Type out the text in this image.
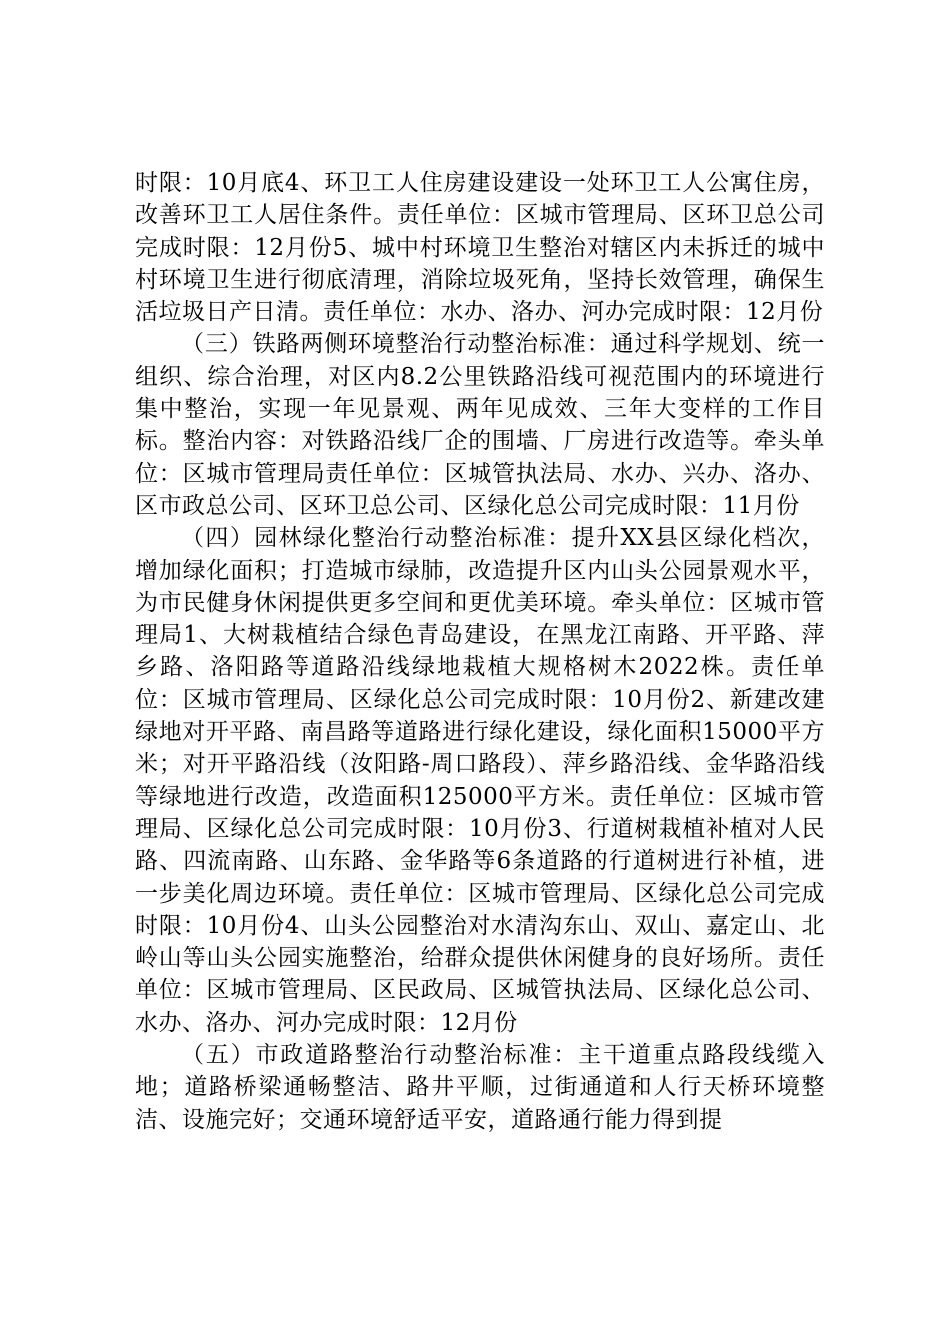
时限：10月底4、环卫工人住房建设建设一处环卫工人公寓住房，改善环卫工人居住条件。责任单位：区城市管理局、区环卫总公司完成时限：12月份5、城中村环境卫生整治对辖区内未拆迁的城中村环境卫生进行彻底清理，消除垃圾死角，坚持长效管理，确保生活垃圾日产日清。责任单位：水办、洛办、河办完成时限：12月份

（三）铁路两侧环境整治行动整治标准：通过科学规划、统一组织、综合治理，对区内8.2公里铁路沿线可视范围内的环境进行集中整治，实现一年见景观、两年见成效、三年大变样的工作目标。整治内容：对铁路沿线厂企的围墙、厂房进行改造等。牵头单位：区城市管理局责任单位：区城管执法局、水办、兴办、洛办、区市政总公司、区环卫总公司、区绿化总公司完成时限：11月份

（四）园林绿化整治行动整治标准：提升XX县区绿化档次，增加绿化面积；打造城市绿肺，改造提升区内山头公园景观水平，为市民健身休闲提供更多空间和更优美环境。牵头单位：区城市管理局1、大树栽植结合绿色青岛建设，在黑龙江南路、开平路、萍乡路、洛阳路等道路沿线绿地栽植大规格树木2022株。责任单位：区城市管理局、区绿化总公司完成时限：10月份2、新建改建绿地对开平路、南昌路等道路进行绿化建设，绿化面积15000平方米；对开平路沿线（汝阳路-周口路段）、萍乡路沿线、金华路沿线等绿地进行改造，改造面积125000平方米。责任单位：区城市管理局、区绿化总公司完成时限：10月份3、行道树栽植补植对人民路、四流南路、山东路、金华路等6条道路的行道树进行补植，进一步美化周边环境。责任单位：区城市管理局、区绿化总公司完成时限：10月份4、山头公园整治对水清沟东山、双山、嘉定山、北岭山等山头公园实施整治，给群众提供休闲健身的良好场所。责任单位：区城市管理局、区民政局、区城管执法局、区绿化总公司、水办、洛办、河办完成时限：12月份

（五）市政道路整治行动整治标准：主干道重点路段线缆入地；道路桥梁通畅整洁、路井平顺，过街通道和人行天桥环境整洁、设施完好；交通环境舒适平安，道路通行能力得到提
